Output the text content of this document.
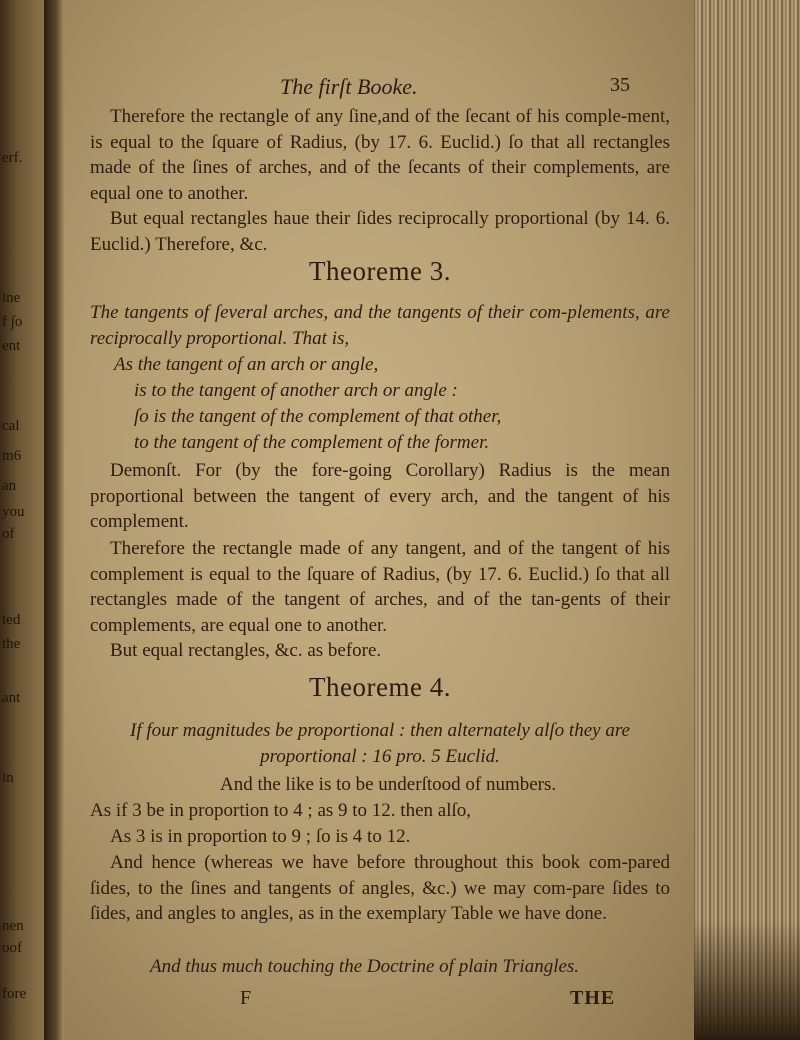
erf.
ine
f ∫o
ent
cal
m6
an
you
of
ted
the
ant
in
nen
oof
fore
The firſt Booke.	35

Therefore the rectangle of any ſine,and of the ſecant of his comple-ment, is equal to the ſquare of Radius, (by 17. 6. Euclid.) ſo that all rectangles made of the ſines of arches, and of the ſecants of their complements, are equal one to another.

But equal rectangles haue their ſides reciprocally proportional (by 14. 6. Euclid.) Therefore, &c.

Theoreme 3.

The tangents of ſeveral arches, and the tangents of their com-plements, are reciprocally proportional. That is,

As the tangent of an arch or angle,
is to the tangent of another arch or angle :
ſo is the tangent of the complement of that other,
to the tangent of the complement of the former.

Demonſt. For (by the fore-going Corollary) Radius is the mean proportional between the tangent of every arch, and the tangent of his complement.

Therefore the rectangle made of any tangent, and of the tangent of his complement is equal to the ſquare of Radius, (by 17. 6. Euclid.) ſo that all rectangles made of the tangent of arches, and of the tan-gents of their complements, are equal one to another.

But equal rectangles, &c. as before.

Theoreme 4.

If four magnitudes be proportional : then alternately alſo they are proportional : 16 pro. 5 Euclid.

And the like is to be underſtood of numbers.

As if 3 be in proportion to 4 ; as 9 to 12. then alſo,

As 3 is in proportion to 9 ; ſo is 4 to 12.

And hence (whereas we have before throughout this book com-pared ſides, to the ſines and tangents of angles, &c.) we may com-pare ſides to ſides, and angles to angles, as in the exemplary Table we have done.

And thus much touching the Doctrine of plain Triangles.

F	THE
